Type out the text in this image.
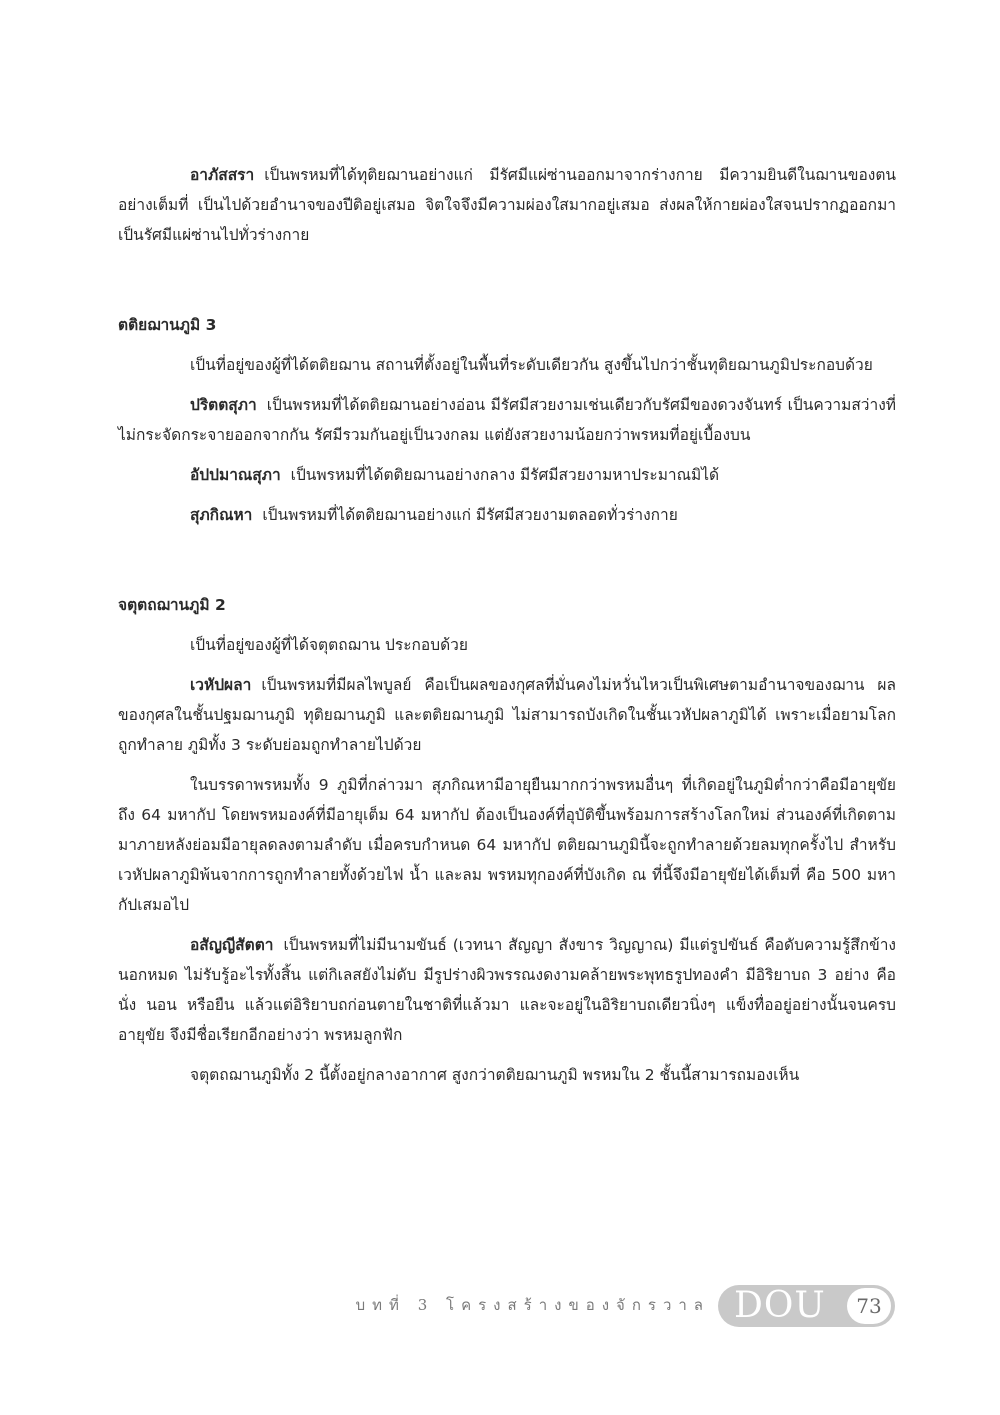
อาภัสสรา เป็นพรหมที่ได้ทุติยฌานอย่างแก่ มีรัศมีแผ่ซ่านออกมาจากร่างกาย มีความยินดีในฌานของตนอย่างเต็มที่ เป็นไปด้วยอำนาจของปีติอยู่เสมอ จิตใจจึงมีความผ่องใสมากอยู่เสมอ ส่งผลให้กายผ่องใสจนปรากฏออกมาเป็นรัศมีแผ่ซ่านไปทั่วร่างกาย

ตติยฌานภูมิ 3

เป็นที่อยู่ของผู้ที่ได้ตติยฌาน สถานที่ตั้งอยู่ในพื้นที่ระดับเดียวกัน สูงขึ้นไปกว่าชั้นทุติยฌานภูมิประกอบด้วย

ปริตตสุภา เป็นพรหมที่ได้ตติยฌานอย่างอ่อน มีรัศมีสวยงามเช่นเดียวกับรัศมีของดวงจันทร์ เป็นความสว่างที่ไม่กระจัดกระจายออกจากกัน รัศมีรวมกันอยู่เป็นวงกลม แต่ยังสวยงามน้อยกว่าพรหมที่อยู่เบื้องบน

อัปปมาณสุภา เป็นพรหมที่ได้ตติยฌานอย่างกลาง มีรัศมีสวยงามหาประมาณมิได้

สุภกิณหา เป็นพรหมที่ได้ตติยฌานอย่างแก่ มีรัศมีสวยงามตลอดทั่วร่างกาย

จตุตถฌานภูมิ 2

เป็นที่อยู่ของผู้ที่ได้จตุตถฌาน ประกอบด้วย

เวหัปผลา เป็นพรหมที่มีผลไพบูลย์ คือเป็นผลของกุศลที่มั่นคงไม่หวั่นไหวเป็นพิเศษตามอำนาจของฌาน ผลของกุศลในชั้นปฐมฌานภูมิ ทุติยฌานภูมิ และตติยฌานภูมิ ไม่สามารถบังเกิดในชั้นเวหัปผลาภูมิได้ เพราะเมื่อยามโลกถูกทำลาย ภูมิทั้ง 3 ระดับย่อมถูกทำลายไปด้วย

ในบรรดาพรหมทั้ง 9 ภูมิที่กล่าวมา สุภกิณหามีอายุยืนมากกว่าพรหมอื่นๆ ที่เกิดอยู่ในภูมิต่ำกว่าคือมีอายุขัยถึง 64 มหากัป โดยพรหมองค์ที่มีอายุเต็ม 64 มหากัป ต้องเป็นองค์ที่อุบัติขึ้นพร้อมการสร้างโลกใหม่ ส่วนองค์ที่เกิดตามมาภายหลังย่อมมีอายุลดลงตามลำดับ เมื่อครบกำหนด 64 มหากัป ตติยฌานภูมินี้จะถูกทำลายด้วยลมทุกครั้งไป สำหรับเวหัปผลาภูมิพ้นจากการถูกทำลายทั้งด้วยไฟ น้ำ และลม พรหมทุกองค์ที่บังเกิด ณ ที่นี้จึงมีอายุขัยได้เต็มที่ คือ 500 มหากัปเสมอไป

อสัญญีสัตตา เป็นพรหมที่ไม่มีนามขันธ์ (เวทนา สัญญา สังขาร วิญญาณ) มีแต่รูปขันธ์ คือดับความรู้สึกข้างนอกหมด ไม่รับรู้อะไรทั้งสิ้น แต่กิเลสยังไม่ดับ มีรูปร่างผิวพรรณงดงามคล้ายพระพุทธรูปทองคำ มีอิริยาบถ 3 อย่าง คือ นั่ง นอน หรือยืน แล้วแต่อิริยาบถก่อนตายในชาติที่แล้วมา และจะอยู่ในอิริยาบถเดียวนิ่งๆ แข็งทื่ออยู่อย่างนั้นจนครบอายุขัย จึงมีชื่อเรียกอีกอย่างว่า พรหมลูกฟัก

จตุตถฌานภูมิทั้ง 2 นี้ตั้งอยู่กลางอากาศ สูงกว่าตติยฌานภูมิ พรหมใน 2 ชั้นนี้สามารถมองเห็น

บทที่ 3 โครงสร้างของจักรวาล DOU	73
